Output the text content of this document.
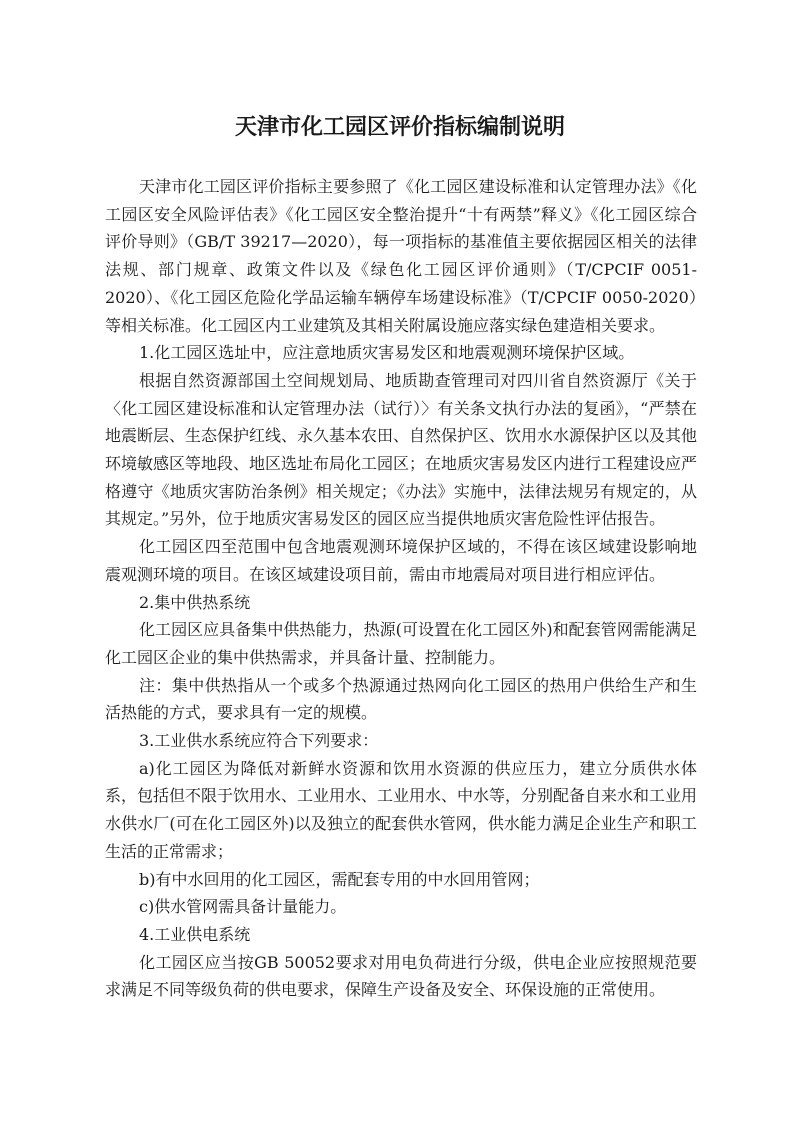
天津市化工园区评价指标编制说明

天津市化工园区评价指标主要参照了《化工园区建设标准和认定管理办法》《化工园区安全风险评估表》《化工园区安全整治提升“十有两禁”释义》《化工园区综合评价导则》（GB/T 39217—2020），每一项指标的基准值主要依据园区相关的法律法规、部门规章、政策文件以及《绿色化工园区评价通则》（T/CPCIF 0051-2020）、《化工园区危险化学品运输车辆停车场建设标准》（T/CPCIF 0050-2020）等相关标准。化工园区内工业建筑及其相关附属设施应落实绿色建造相关要求。

1.化工园区选址中，应注意地质灾害易发区和地震观测环境保护区域。

根据自然资源部国土空间规划局、地质勘查管理司对四川省自然资源厅《关于〈化工园区建设标准和认定管理办法（试行）〉有关条文执行办法的复函》，“严禁在地震断层、生态保护红线、永久基本农田、自然保护区、饮用水水源保护区以及其他环境敏感区等地段、地区选址布局化工园区；在地质灾害易发区内进行工程建设应严格遵守《地质灾害防治条例》相关规定；《办法》实施中，法律法规另有规定的，从其规定。”另外，位于地质灾害易发区的园区应当提供地质灾害危险性评估报告。

化工园区四至范围中包含地震观测环境保护区域的，不得在该区域建设影响地震观测环境的项目。在该区域建设项目前，需由市地震局对项目进行相应评估。

2.集中供热系统

化工园区应具备集中供热能力，热源(可设置在化工园区外)和配套管网需能满足化工园区企业的集中供热需求，并具备计量、控制能力。

注：集中供热指从一个或多个热源通过热网向化工园区的热用户供给生产和生活热能的方式，要求具有一定的规模。

3.工业供水系统应符合下列要求：

a)化工园区为降低对新鲜水资源和饮用水资源的供应压力，建立分质供水体系，包括但不限于饮用水、工业用水、工业用水、中水等，分别配备自来水和工业用水供水厂(可在化工园区外)以及独立的配套供水管网，供水能力满足企业生产和职工生活的正常需求；

b)有中水回用的化工园区，需配套专用的中水回用管网；

c)供水管网需具备计量能力。

4.工业供电系统

化工园区应当按GB 50052要求对用电负荷进行分级，供电企业应按照规范要求满足不同等级负荷的供电要求，保障生产设备及安全、环保设施的正常使用。
